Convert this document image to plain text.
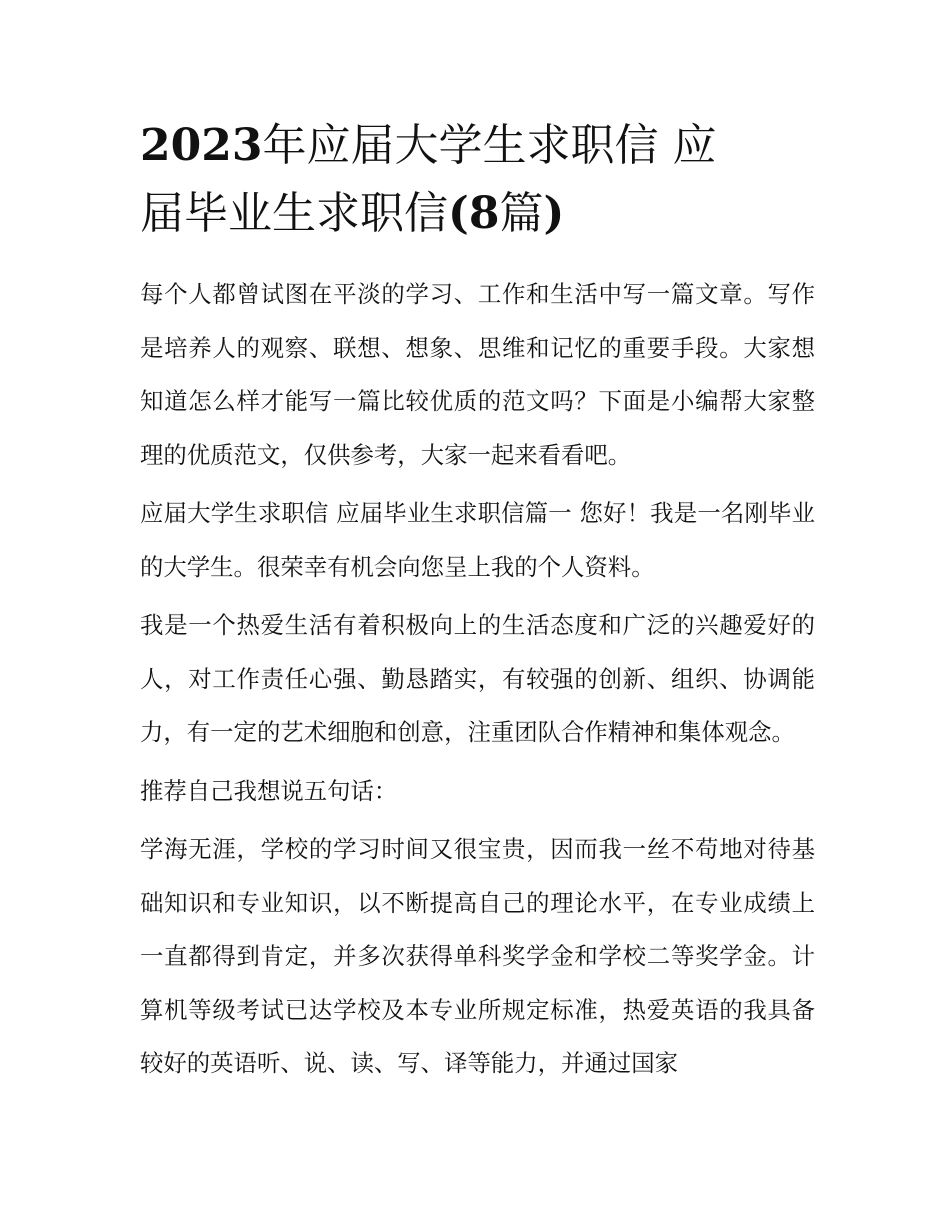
2023年应届大学生求职信 应
届毕业生求职信(8篇)

每个人都曾试图在平淡的学习、工作和生活中写一篇文章。写作是培养人的观察、联想、想象、思维和记忆的重要手段。大家想知道怎么样才能写一篇比较优质的范文吗？下面是小编帮大家整理的优质范文，仅供参考，大家一起来看看吧。

应届大学生求职信 应届毕业生求职信篇一 您好！我是一名刚毕业的大学生。很荣幸有机会向您呈上我的个人资料。

我是一个热爱生活有着积极向上的生活态度和广泛的兴趣爱好的人，对工作责任心强、勤恳踏实，有较强的创新、组织、协调能力，有一定的艺术细胞和创意，注重团队合作精神和集体观念。

推荐自己我想说五句话：

学海无涯，学校的学习时间又很宝贵，因而我一丝不苟地对待基础知识和专业知识，以不断提高自己的理论水平，在专业成绩上一直都得到肯定，并多次获得单科奖学金和学校二等奖学金。计算机等级考试已达学校及本专业所规定标准，热爱英语的我具备较好的英语听、说、读、写、译等能力，并通过国家
